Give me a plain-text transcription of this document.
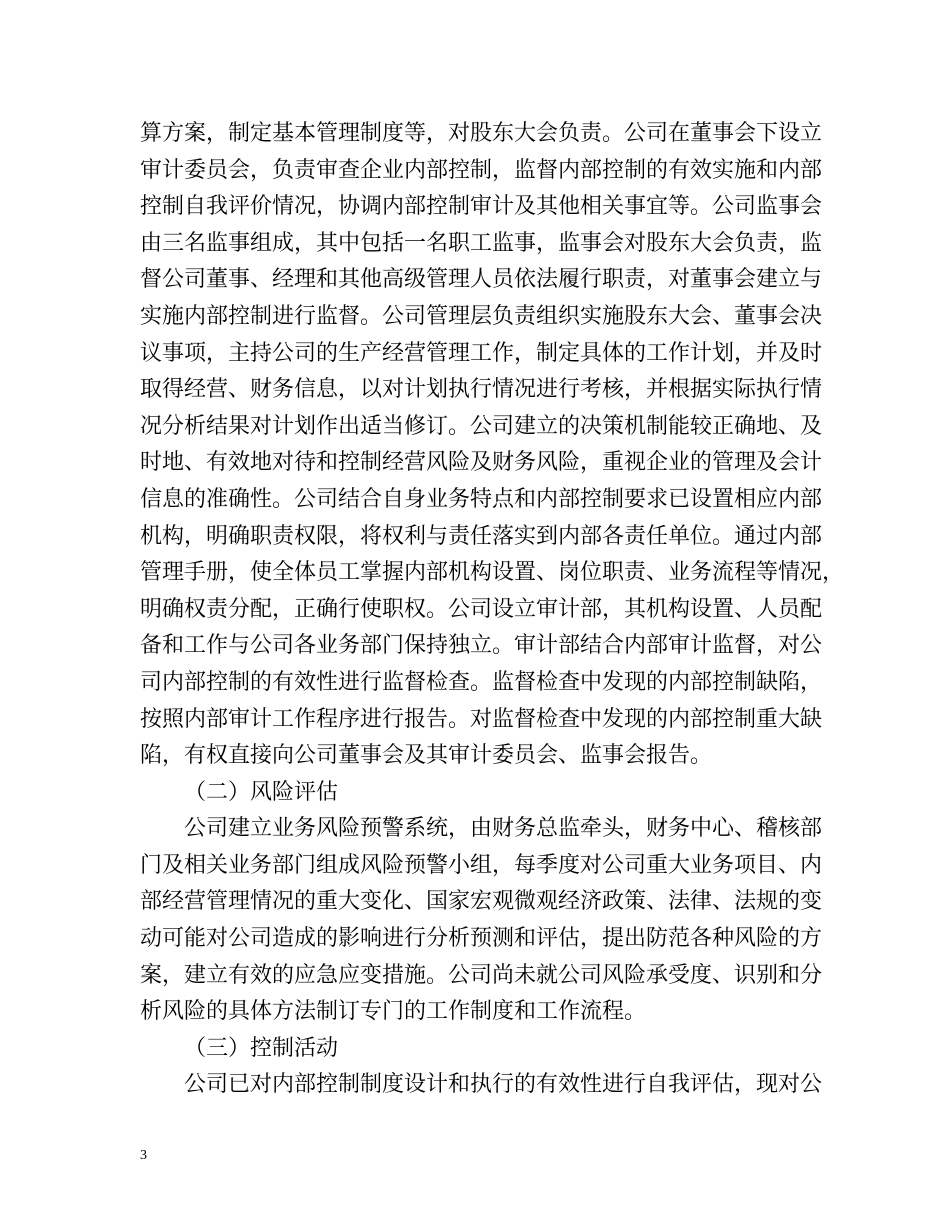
算方案，制定基本管理制度等，对股东大会负责。公司在董事会下设立
审计委员会，负责审查企业内部控制，监督内部控制的有效实施和内部
控制自我评价情况，协调内部控制审计及其他相关事宜等。公司监事会
由三名监事组成，其中包括一名职工监事，监事会对股东大会负责，监
督公司董事、经理和其他高级管理人员依法履行职责，对董事会建立与
实施内部控制进行监督。公司管理层负责组织实施股东大会、董事会决
议事项，主持公司的生产经营管理工作，制定具体的工作计划，并及时
取得经营、财务信息，以对计划执行情况进行考核，并根据实际执行情
况分析结果对计划作出适当修订。公司建立的决策机制能较正确地、及
时地、有效地对待和控制经营风险及财务风险，重视企业的管理及会计
信息的准确性。公司结合自身业务特点和内部控制要求已设置相应内部
机构，明确职责权限，将权利与责任落实到内部各责任单位。通过内部
管理手册，使全体员工掌握内部机构设置、岗位职责、业务流程等情况，
明确权责分配，正确行使职权。公司设立审计部，其机构设置、人员配
备和工作与公司各业务部门保持独立。审计部结合内部审计监督，对公
司内部控制的有效性进行监督检查。监督检查中发现的内部控制缺陷，
按照内部审计工作程序进行报告。对监督检查中发现的内部控制重大缺
陷，有权直接向公司董事会及其审计委员会、监事会报告。
（二）风险评估
公司建立业务风险预警系统，由财务总监牵头，财务中心、稽核部
门及相关业务部门组成风险预警小组，每季度对公司重大业务项目、内
部经营管理情况的重大变化、国家宏观微观经济政策、法律、法规的变
动可能对公司造成的影响进行分析预测和评估，提出防范各种风险的方
案，建立有效的应急应变措施。公司尚未就公司风险承受度、识别和分
析风险的具体方法制订专门的工作制度和工作流程。
（三）控制活动
公司已对内部控制制度设计和执行的有效性进行自我评估，现对公
3
